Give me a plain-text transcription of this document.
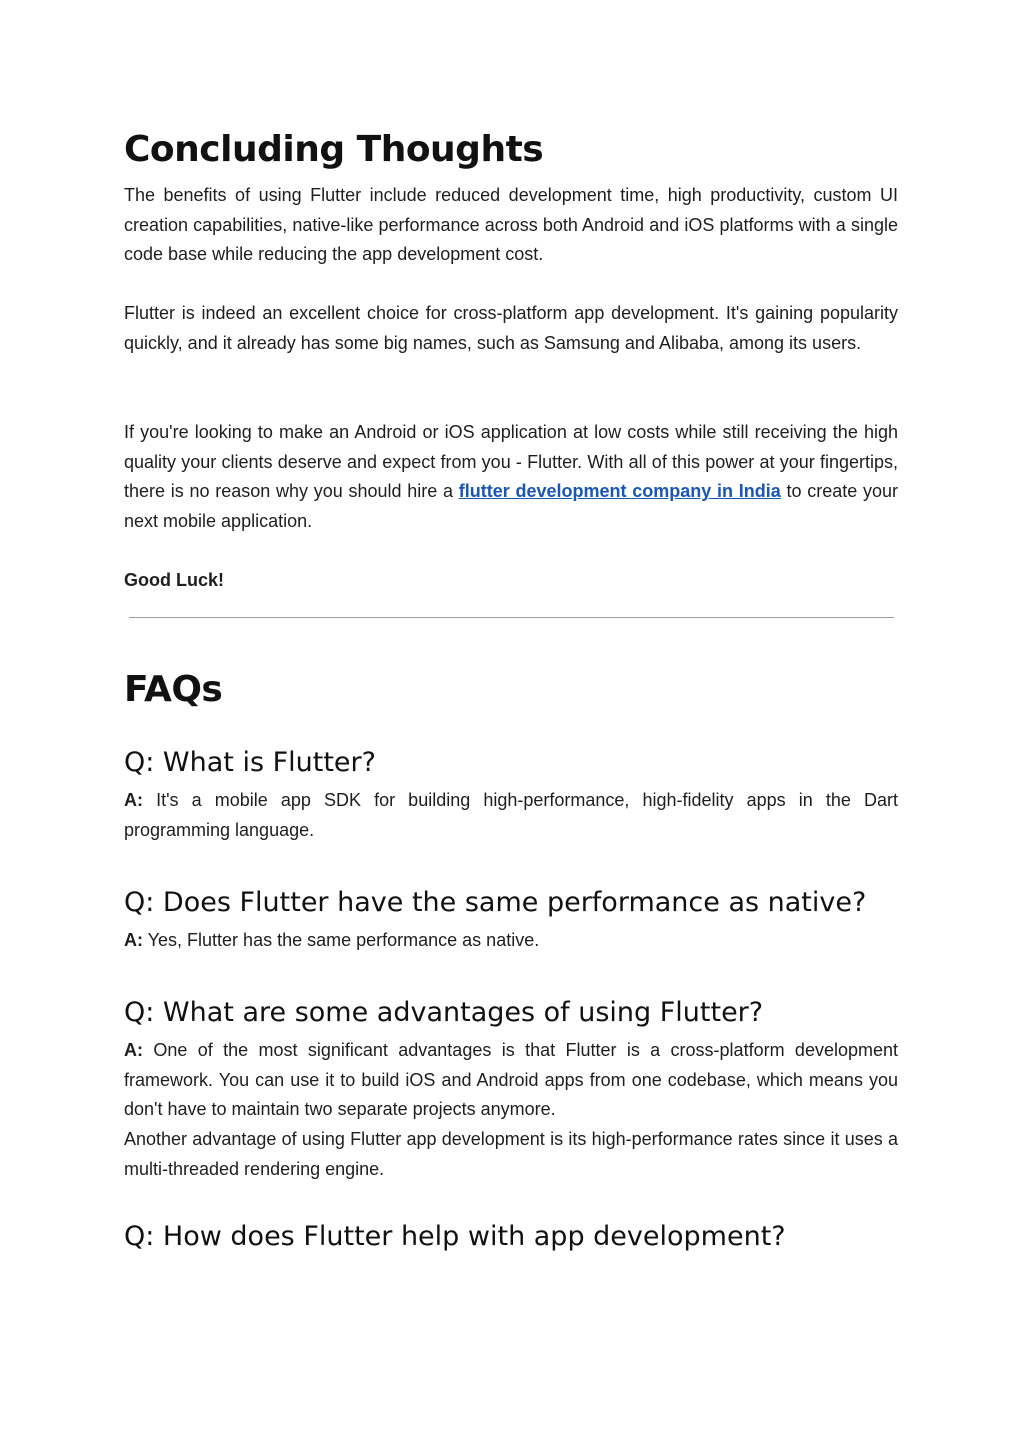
Concluding Thoughts

The benefits of using Flutter include reduced development time, high productivity, custom UI creation capabilities, native-like performance across both Android and iOS platforms with a single code base while reducing the app development cost.

Flutter is indeed an excellent choice for cross-platform app development. It's gaining popularity quickly, and it already has some big names, such as Samsung and Alibaba, among its users.

If you're looking to make an Android or iOS application at low costs while still receiving the high quality your clients deserve and expect from you - Flutter. With all of this power at your fingertips, there is no reason why you should hire a flutter development company in India to create your next mobile application.

Good Luck!

FAQs
Q: What is Flutter?

A: It's a mobile app SDK for building high-performance, high-fidelity apps in the Dart programming language.

Q: Does Flutter have the same performance as native?

A: Yes, Flutter has the same performance as native.

Q: What are some advantages of using Flutter?

A: One of the most significant advantages is that Flutter is a cross-platform development framework. You can use it to build iOS and Android apps from one codebase, which means you don't have to maintain two separate projects anymore.
Another advantage of using Flutter app development is its high-performance rates since it uses a multi-threaded rendering engine.

Q: How does Flutter help with app development?
